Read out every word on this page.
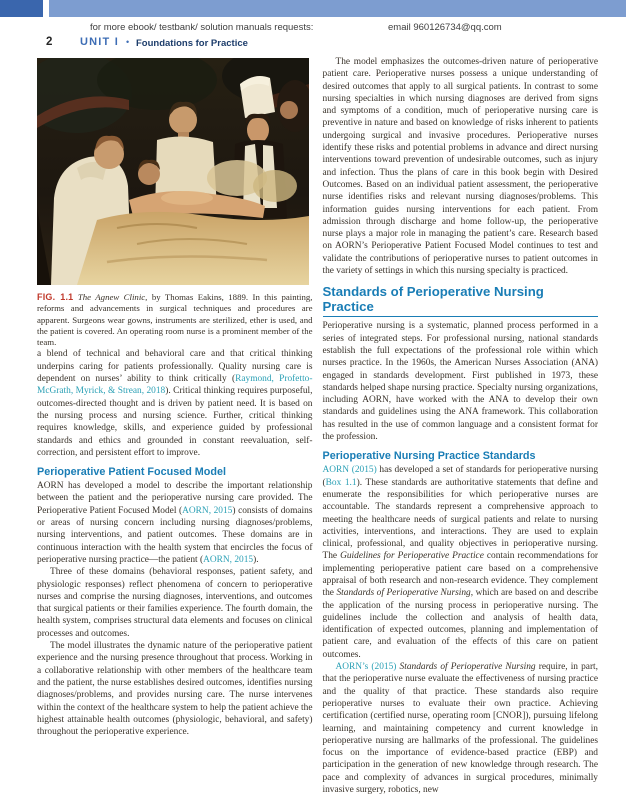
for more ebook/ testbank/ solution manuals requests:	email 960126734@qq.com
2	UNIT I • Foundations for Practice
FIG. 1.1 The Agnew Clinic, by Thomas Eakins, 1889. In this painting, reforms and advancements in surgical techniques and procedures are apparent. Surgeons wear gowns, instruments are sterilized, ether is used, and the patient is covered. An operating room nurse is a prominent member of the team.

a blend of technical and behavioral care and that critical thinking underpins caring for patients professionally. Quality nursing care is dependent on nurses’ ability to think critically (Raymond, Profetto-McGrath, Myrick, & Strean, 2018). Critical thinking requires purposeful, outcomes-directed thought and is driven by patient need. It is based on the nursing process and nursing science. Further, critical thinking requires knowledge, skills, and experience guided by professional standards and ethics and grounded in constant reevaluation, self-correction, and persistent effort to improve.

Perioperative Patient Focused Model

AORN has developed a model to describe the important relationship between the patient and the perioperative nursing care provided. The Perioperative Patient Focused Model (AORN, 2015) consists of domains or areas of nursing concern including nursing diagnoses/problems, nursing interventions, and patient outcomes. These domains are in continuous interaction with the health system that encircles the focus of perioperative nursing practice—the patient (AORN, 2015).

Three of these domains (behavioral responses, patient safety, and physiologic responses) reflect phenomena of concern to perioperative nurses and comprise the nursing diagnoses, interventions, and outcomes that surgical patients or their families experience. The fourth domain, the health system, comprises structural data elements and focuses on clinical processes and outcomes.

The model illustrates the dynamic nature of the perioperative patient experience and the nursing presence throughout that process. Working in a collaborative relationship with other members of the healthcare team and the patient, the nurse establishes desired outcomes, identifies nursing diagnoses/problems, and provides nursing care. The nurse intervenes within the context of the healthcare system to help the patient achieve the highest attainable health outcomes (physiologic, behavioral, and safety) throughout the perioperative experience.

The model emphasizes the outcomes-driven nature of perioperative patient care. Perioperative nurses possess a unique understanding of desired outcomes that apply to all surgical patients. In contrast to some nursing specialties in which nursing diagnoses are derived from signs and symptoms of a condition, much of perioperative nursing care is preventive in nature and based on knowledge of risks inherent to patients undergoing surgical and invasive procedures. Perioperative nurses identify these risks and potential problems in advance and direct nursing interventions toward prevention of undesirable outcomes, such as injury and infection. Thus the plans of care in this book begin with Desired Outcomes. Based on an individual patient assessment, the perioperative nurse identifies risks and relevant nursing diagnoses/problems. This information guides nursing interventions for each patient. From admission through discharge and home follow-up, the perioperative nurse plays a major role in managing the patient’s care. Research based on AORN’s Perioperative Patient Focused Model continues to test and validate the contributions of perioperative nurses to patient outcomes in the variety of settings in which this nursing specialty is practiced.

Standards of Perioperative Nursing Practice

Perioperative nursing is a systematic, planned process performed in a series of integrated steps. For professional nursing, national standards establish the full expectations of the professional role within which nurses practice. In the 1960s, the American Nurses Association (ANA) engaged in standards development. First published in 1973, these standards helped shape nursing practice. Specialty nursing organizations, including AORN, have worked with the ANA to develop their own standards and guidelines using the ANA framework. This collaboration has resulted in the use of common language and a consistent format for the profession.

Perioperative Nursing Practice Standards

AORN (2015) has developed a set of standards for perioperative nursing (Box 1.1). These standards are authoritative statements that define and enumerate the responsibilities for which perioperative nurses are accountable. The standards represent a comprehensive approach to meeting the healthcare needs of surgical patients and relate to nursing activities, interventions, and interactions. They are used to explain clinical, professional, and quality objectives in perioperative nursing. The Guidelines for Perioperative Practice contain recommendations for implementing perioperative patient care based on a comprehensive appraisal of both research and non-research evidence. They complement the Standards of Perioperative Nursing, which are based on and describe the application of the nursing process in perioperative nursing. The guidelines include the collection and analysis of health data, identification of expected outcomes, planning and implementation of patient care, and evaluation of the effects of this care on patient outcomes.

AORN’s (2015) Standards of Perioperative Nursing require, in part, that the perioperative nurse evaluate the effectiveness of nursing practice and the quality of that practice. These standards also require perioperative nurses to evaluate their own practice. Achieving certification (certified nurse, operating room [CNOR]), pursuing lifelong learning, and maintaining competency and current knowledge in perioperative nursing are hallmarks of the professional. The guidelines focus on the importance of evidence-based practice (EBP) and participation in the generation of new knowledge through research. The pace and complexity of advances in surgical procedures, minimally invasive surgery, robotics, new
